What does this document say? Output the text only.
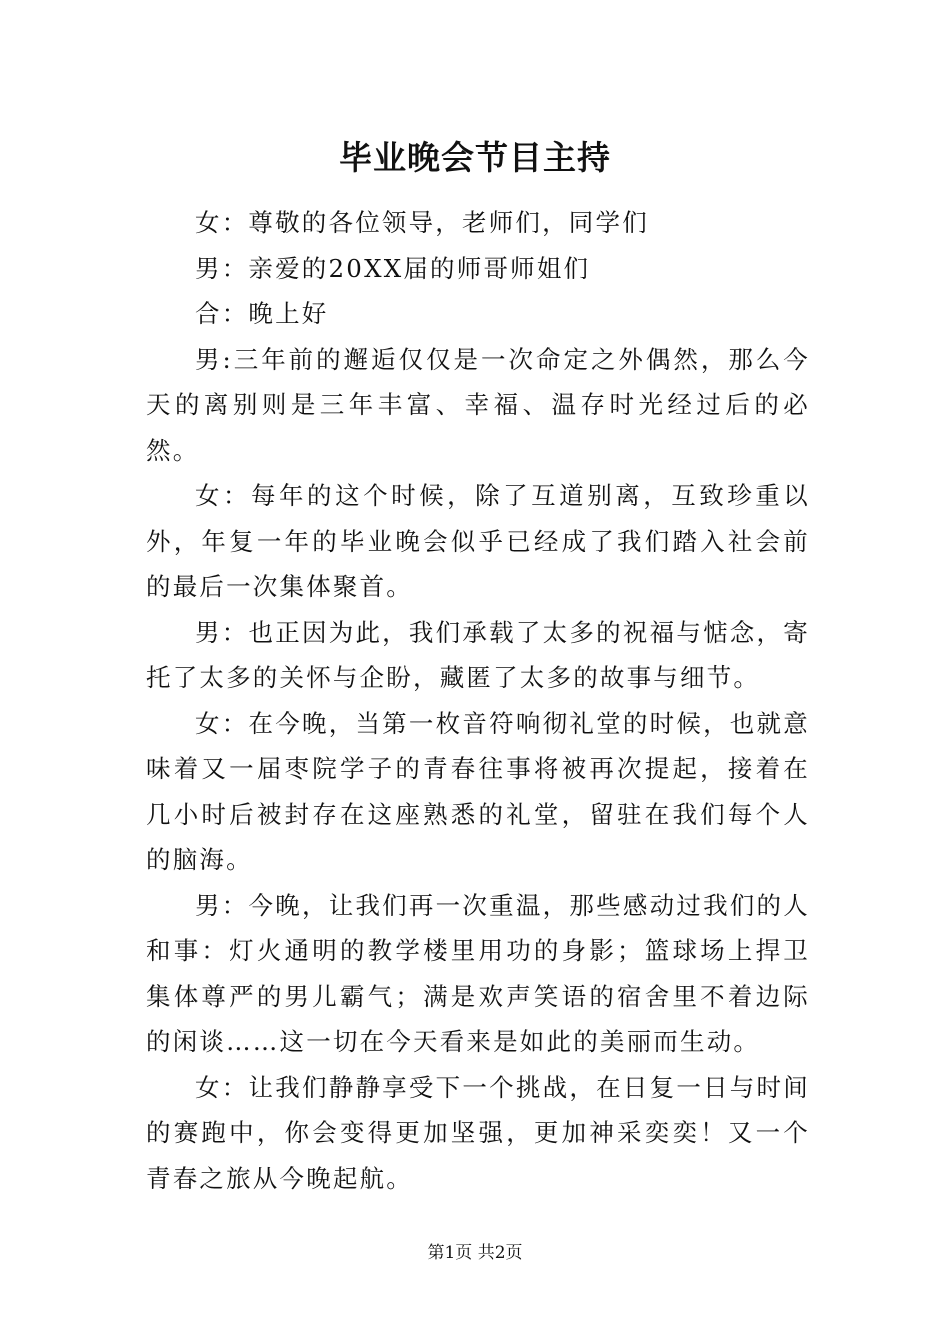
毕业晚会节目主持

女：尊敬的各位领导，老师们，同学们

男：亲爱的20XX届的师哥师姐们

合：晚上好

男:三年前的邂逅仅仅是一次命定之外偶然，那么今天的离别则是三年丰富、幸福、温存时光经过后的必然。

女：每年的这个时候，除了互道别离，互致珍重以外，年复一年的毕业晚会似乎已经成了我们踏入社会前的最后一次集体聚首。

男：也正因为此，我们承载了太多的祝福与惦念，寄托了太多的关怀与企盼，藏匿了太多的故事与细节。

女：在今晚，当第一枚音符响彻礼堂的时候，也就意味着又一届枣院学子的青春往事将被再次提起，接着在几小时后被封存在这座熟悉的礼堂，留驻在我们每个人的脑海。

男：今晚，让我们再一次重温，那些感动过我们的人和事：灯火通明的教学楼里用功的身影；篮球场上捍卫集体尊严的男儿霸气；满是欢声笑语的宿舍里不着边际的闲谈……这一切在今天看来是如此的美丽而生动。

女：让我们静静享受下一个挑战，在日复一日与时间的赛跑中，你会变得更加坚强，更加神采奕奕！又一个青春之旅从今晚起航。

第1页 共2页
